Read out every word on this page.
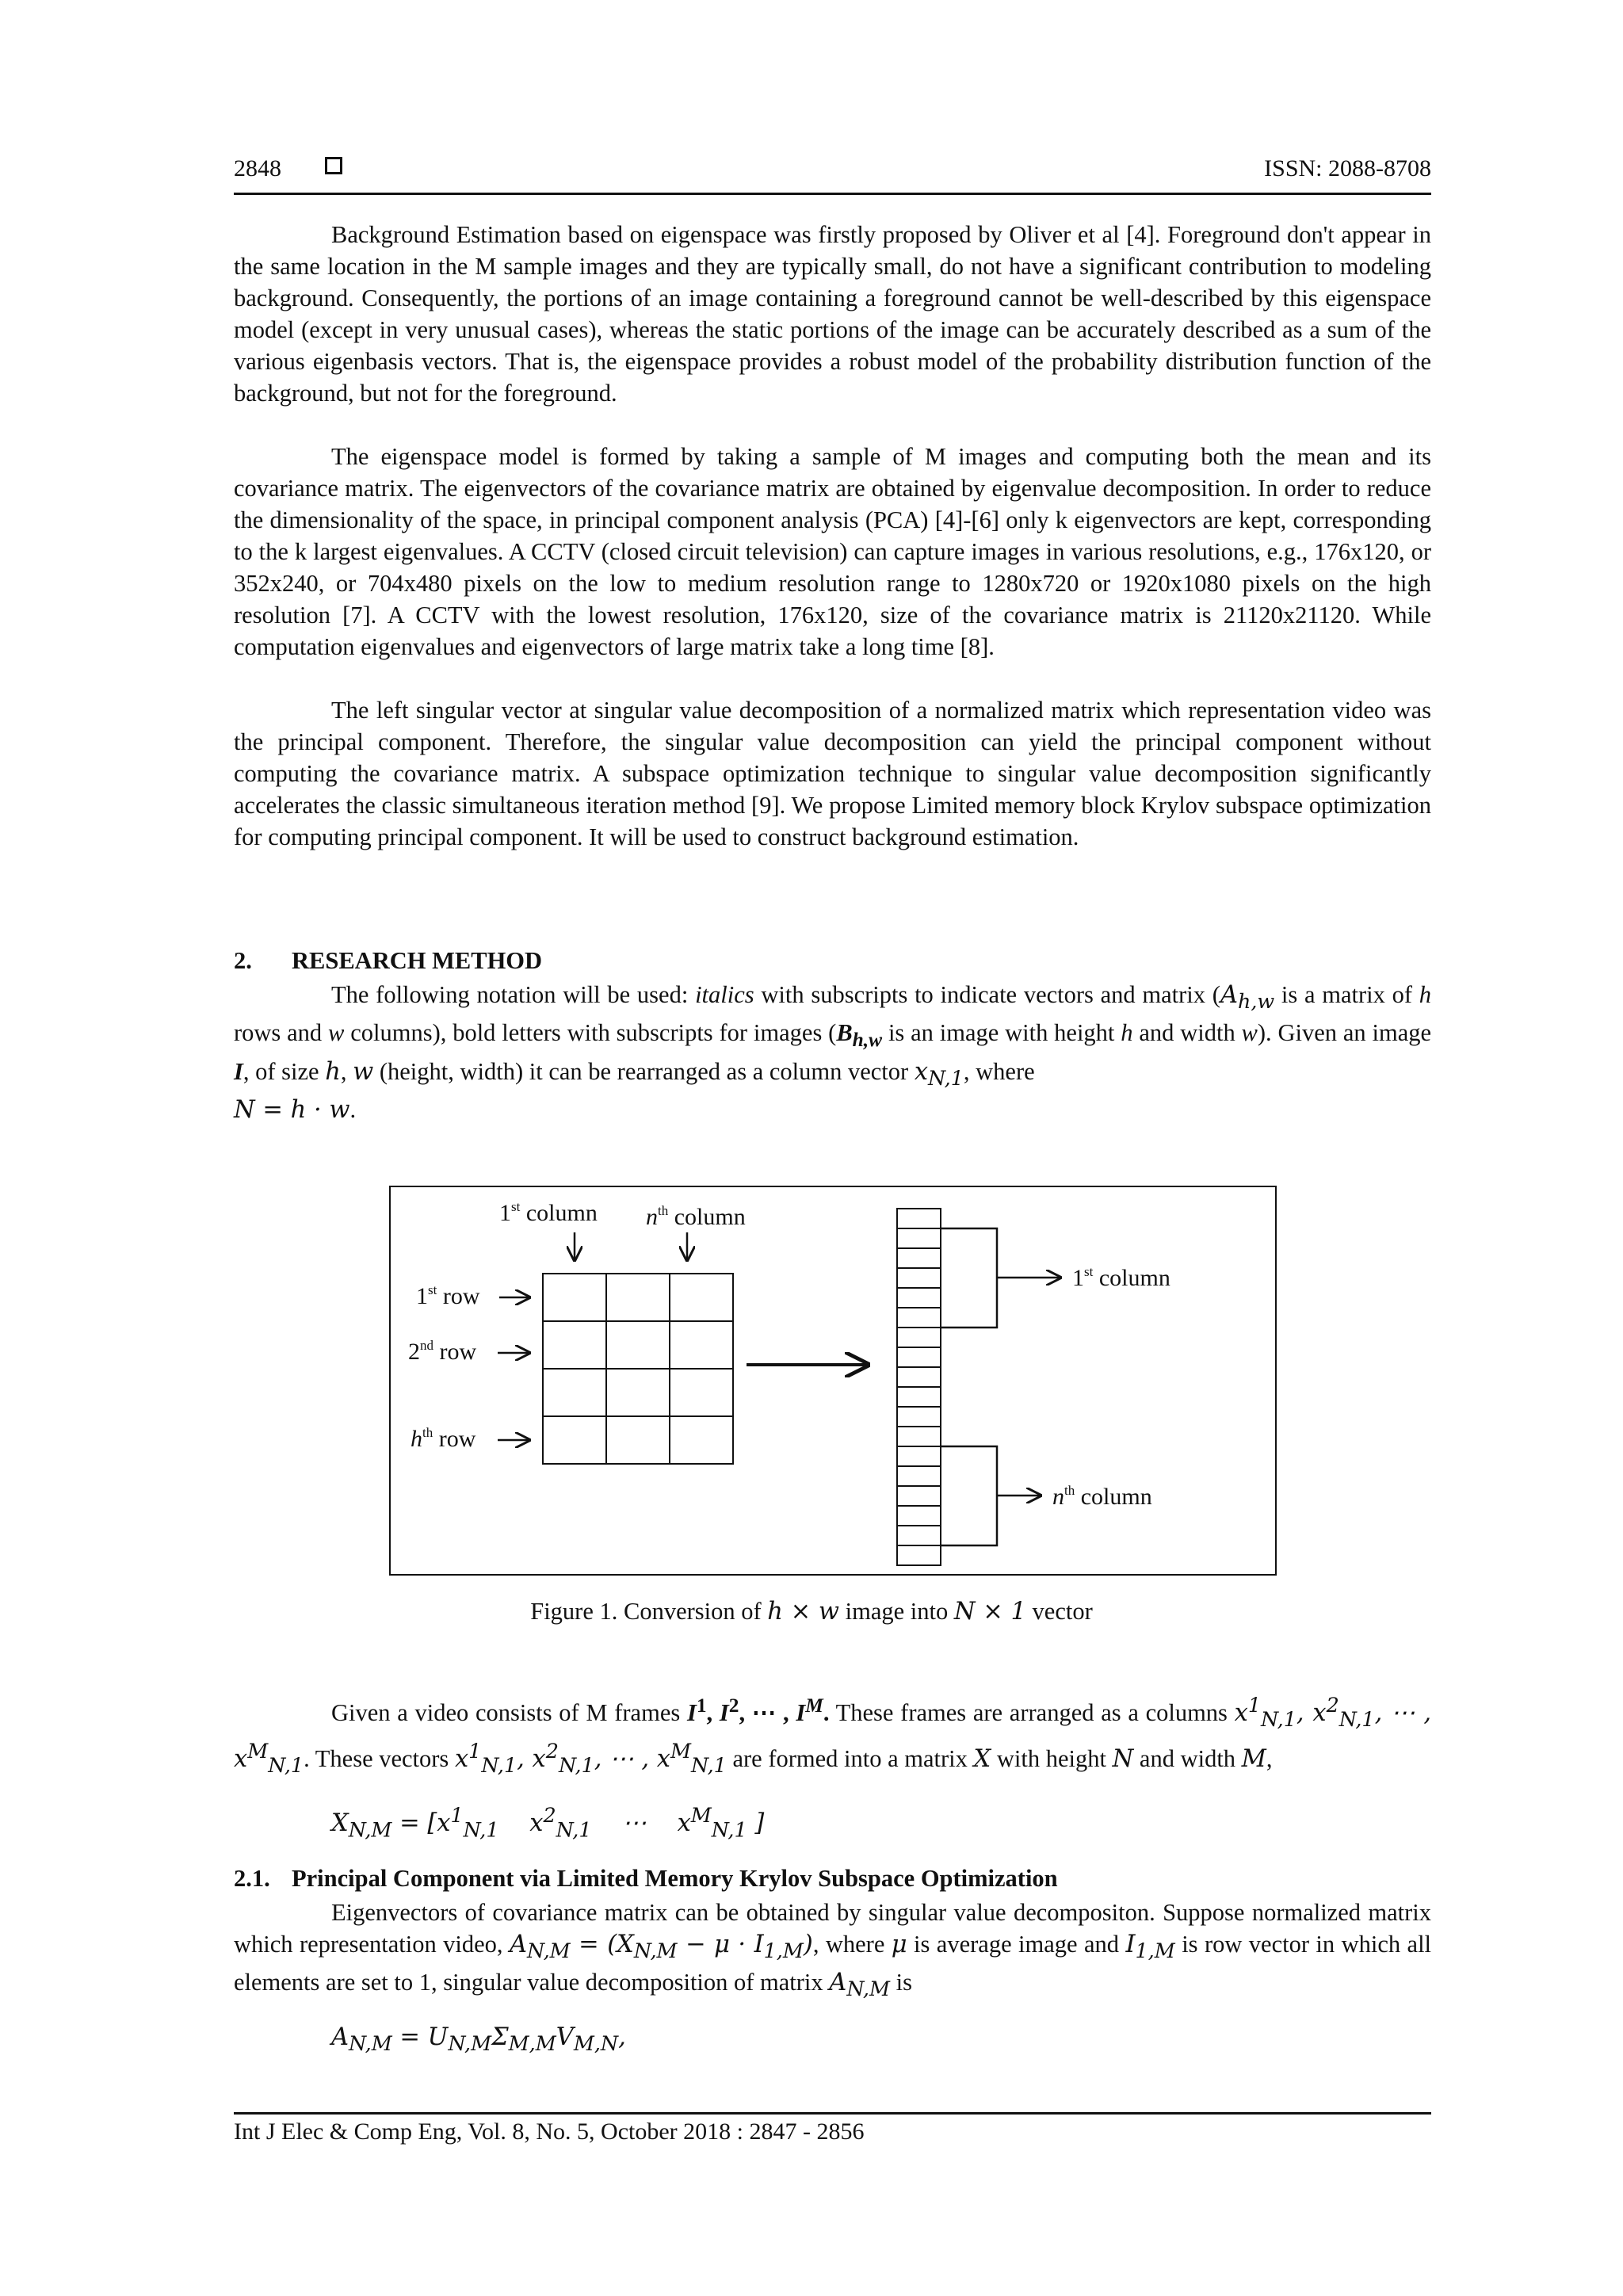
2848	ISSN: 2088-8708
Background Estimation based on eigenspace was firstly proposed by Oliver et al [4]. Foreground don't appear in the same location in the M sample images and they are typically small, do not have a significant contribution to modeling background. Consequently, the portions of an image containing a foreground cannot be well-described by this eigenspace model (except in very unusual cases), whereas the static portions of the image can be accurately described as a sum of the various eigenbasis vectors. That is, the eigenspace provides a robust model of the probability distribution function of the background, but not for the foreground.
The eigenspace model is formed by taking a sample of M images and computing both the mean and its covariance matrix. The eigenvectors of the covariance matrix are obtained by eigenvalue decomposition. In order to reduce the dimensionality of the space, in principal component analysis (PCA) [4]-[6] only k eigenvectors are kept, corresponding to the k largest eigenvalues. A CCTV (closed circuit television) can capture images in various resolutions, e.g., 176x120, or 352x240, or 704x480 pixels on the low to medium resolution range to 1280x720 or 1920x1080 pixels on the high resolution [7]. A CCTV with the lowest resolution, 176x120, size of the covariance matrix is 21120x21120. While computation eigenvalues and eigenvectors of large matrix take a long time [8].
The left singular vector at singular value decomposition of a normalized matrix which representation video was the principal component. Therefore, the singular value decomposition can yield the principal component without computing the covariance matrix. A subspace optimization technique to singular value decomposition significantly accelerates the classic simultaneous iteration method [9]. We propose Limited memory block Krylov subspace optimization for computing principal component. It will be used to construct background estimation.
2. RESEARCH METHOD
The following notation will be used: italics with subscripts to indicate vectors and matrix ($A_{h,w}$ is a matrix of h rows and w columns), bold letters with subscripts for images ($B_{h,w}$ is an image with height h and width w). Given an image I, of size h, w (height, width) it can be rearranged as a column vector $x_{N,1}$, where
N = h · w.
1st column $n^{th}$ column
1st row
2nd row
$h^{th}$ row
1st column
$n^{th}$ column
Figure 1. Conversion of h × w image into N × 1 vector
Given a video consists of M frames $I^1$, $I^2$, ⋯ , $I^M$. These frames are arranged as a columns $x^1_{N,1}$, $x^2_{N,1}$, ⋯ , $x^M_{N,1}$. These vectors $x^1_{N,1}$, $x^2_{N,1}$, ⋯ , $x^M_{N,1}$ are formed into a matrix X with height N and width M,
$X_{N,M} = [x^1_{N,1}$    $x^2_{N,1}$    ⋯    $x^M_{N,1}$ ]
2.1. Principal Component via Limited Memory Krylov Subspace Optimization
Eigenvectors of covariance matrix can be obtained by singular value decompositon. Suppose normalized matrix which representation video, $A_{N,M} = (X_{N,M} - \mu \cdot I_{1,M})$, where μ is average image and $I_{1,M}$ is row vector in which all elements are set to 1, singular value decomposition of matrix $A_{N,M}$ is
$A_{N,M} = U_{N,M}\Sigma_{M,M}V_{M,N}$,
Int J Elec & Comp Eng, Vol. 8, No. 5, October 2018 : 2847 - 2856
